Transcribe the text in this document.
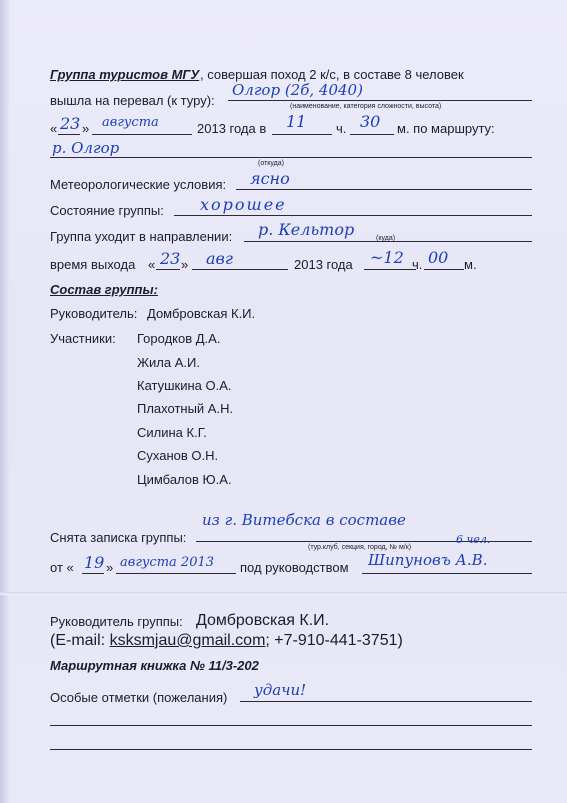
Группа туристов МГУ , совершая поход 2 к/с, в составе 8 человек
вышла на перевал (к туру):
Олгор (2б, 4040)
(наименование, категория сложности, высота)
« 23 » августа	2013 года в 11 ч. 30 м. по маршруту:
р. Олгор
(откуда)
Метеорологические условия: ясно
Состояние группы: хорошее
Группа уходит в направлении: р. Кельтор	(куда)
время выхода « 23 » авг	2013 года ~12 ч. 00 м.
Состав группы:
Руководитель: Домбровская К.И.
Участники: Городков Д.А.
Жила А.И.
Катушкина О.А.
Плахотный А.Н.
Силина К.Г.
Суханов О.Н.
Цимбалов Ю.А.
Снята записка группы:
из г. Витебска в составе
(тур.клуб, секция, город, № м/к)
6 чел.
от « 19 » августа 2013 под руководством Шипуновъ А.В.
Руководитель группы: Домбровская К.И.
(E-mail: ksksmjau@gmail.com; +7-910-441-3751)
Маршрутная книжка № 11/3-202
Особые отметки (пожелания) удачи!
